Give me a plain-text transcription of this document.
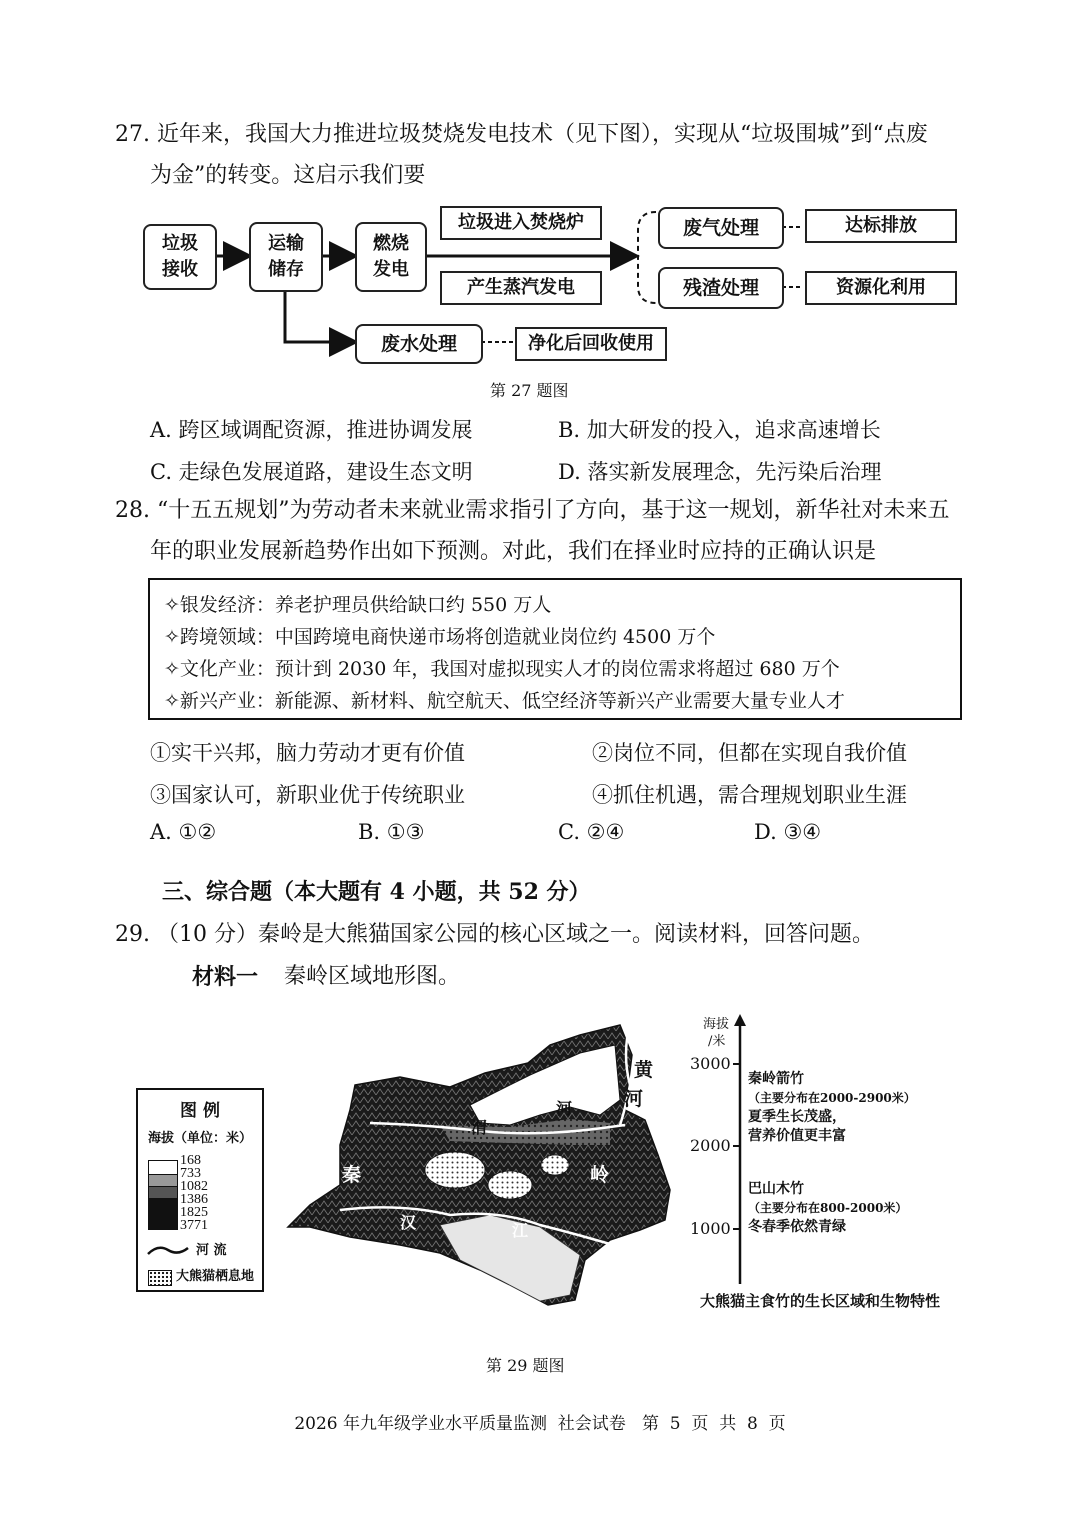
27. 近年来，我国大力推进垃圾焚烧发电技术（见下图），实现从“垃圾围城”到“点废
为金”的转变。这启示我们要
垃圾
接收
运输
储存
燃烧
发电
垃圾进入焚烧炉
产生蒸汽发电
废气处理	达标排放
残渣处理	资源化利用
废水处理	净化后回收使用
第 27 题图
A. 跨区域调配资源，推进协调发展	B. 加大研发的投入，追求高速增长
C. 走绿色发展道路，建设生态文明	D. 落实新发展理念，先污染后治理
28. “十五五规划”为劳动者未来就业需求指引了方向，基于这一规划，新华社对未来五
年的职业发展新趋势作出如下预测。对此，我们在择业时应持的正确认识是
✧银发经济：养老护理员供给缺口约 550 万人
✧跨境领域：中国跨境电商快递市场将创造就业岗位约 4500 万个
✧文化产业：预计到 2030 年，我国对虚拟现实人才的岗位需求将超过 680 万个
✧新兴产业：新能源、新材料、航空航天、低空经济等新兴产业需要大量专业人才
①实干兴邦，脑力劳动才更有价值	②岗位不同，但都在实现自我价值
③国家认可，新职业优于传统职业	④抓住机遇，需合理规划职业生涯
A. ①②	B. ①③	C. ②④	D. ③④
三、综合题（本大题有 4 小题，共 52 分）
29. （10 分）秦岭是大熊猫国家公园的核心区域之一。阅读材料，回答问题。
材料一 秦岭区域地形图。
图 例
海拔（单位：米）
168
733
1082
1386
1825
3771
河 流
大熊猫栖息地
黄
河
渭
河
秦	岭
汉	江
海拔
/米
3000
2000
1000
秦岭箭竹
（主要分布在2000-2900米）
夏季生长茂盛，
营养价值更丰富
巴山木竹
（主要分布在800-2000米）
冬春季依然青绿
大熊猫主食竹的生长区域和生物特性
第 29 题图
2026 年九年级学业水平质量监测  社会试卷   第  5  页  共  8  页
